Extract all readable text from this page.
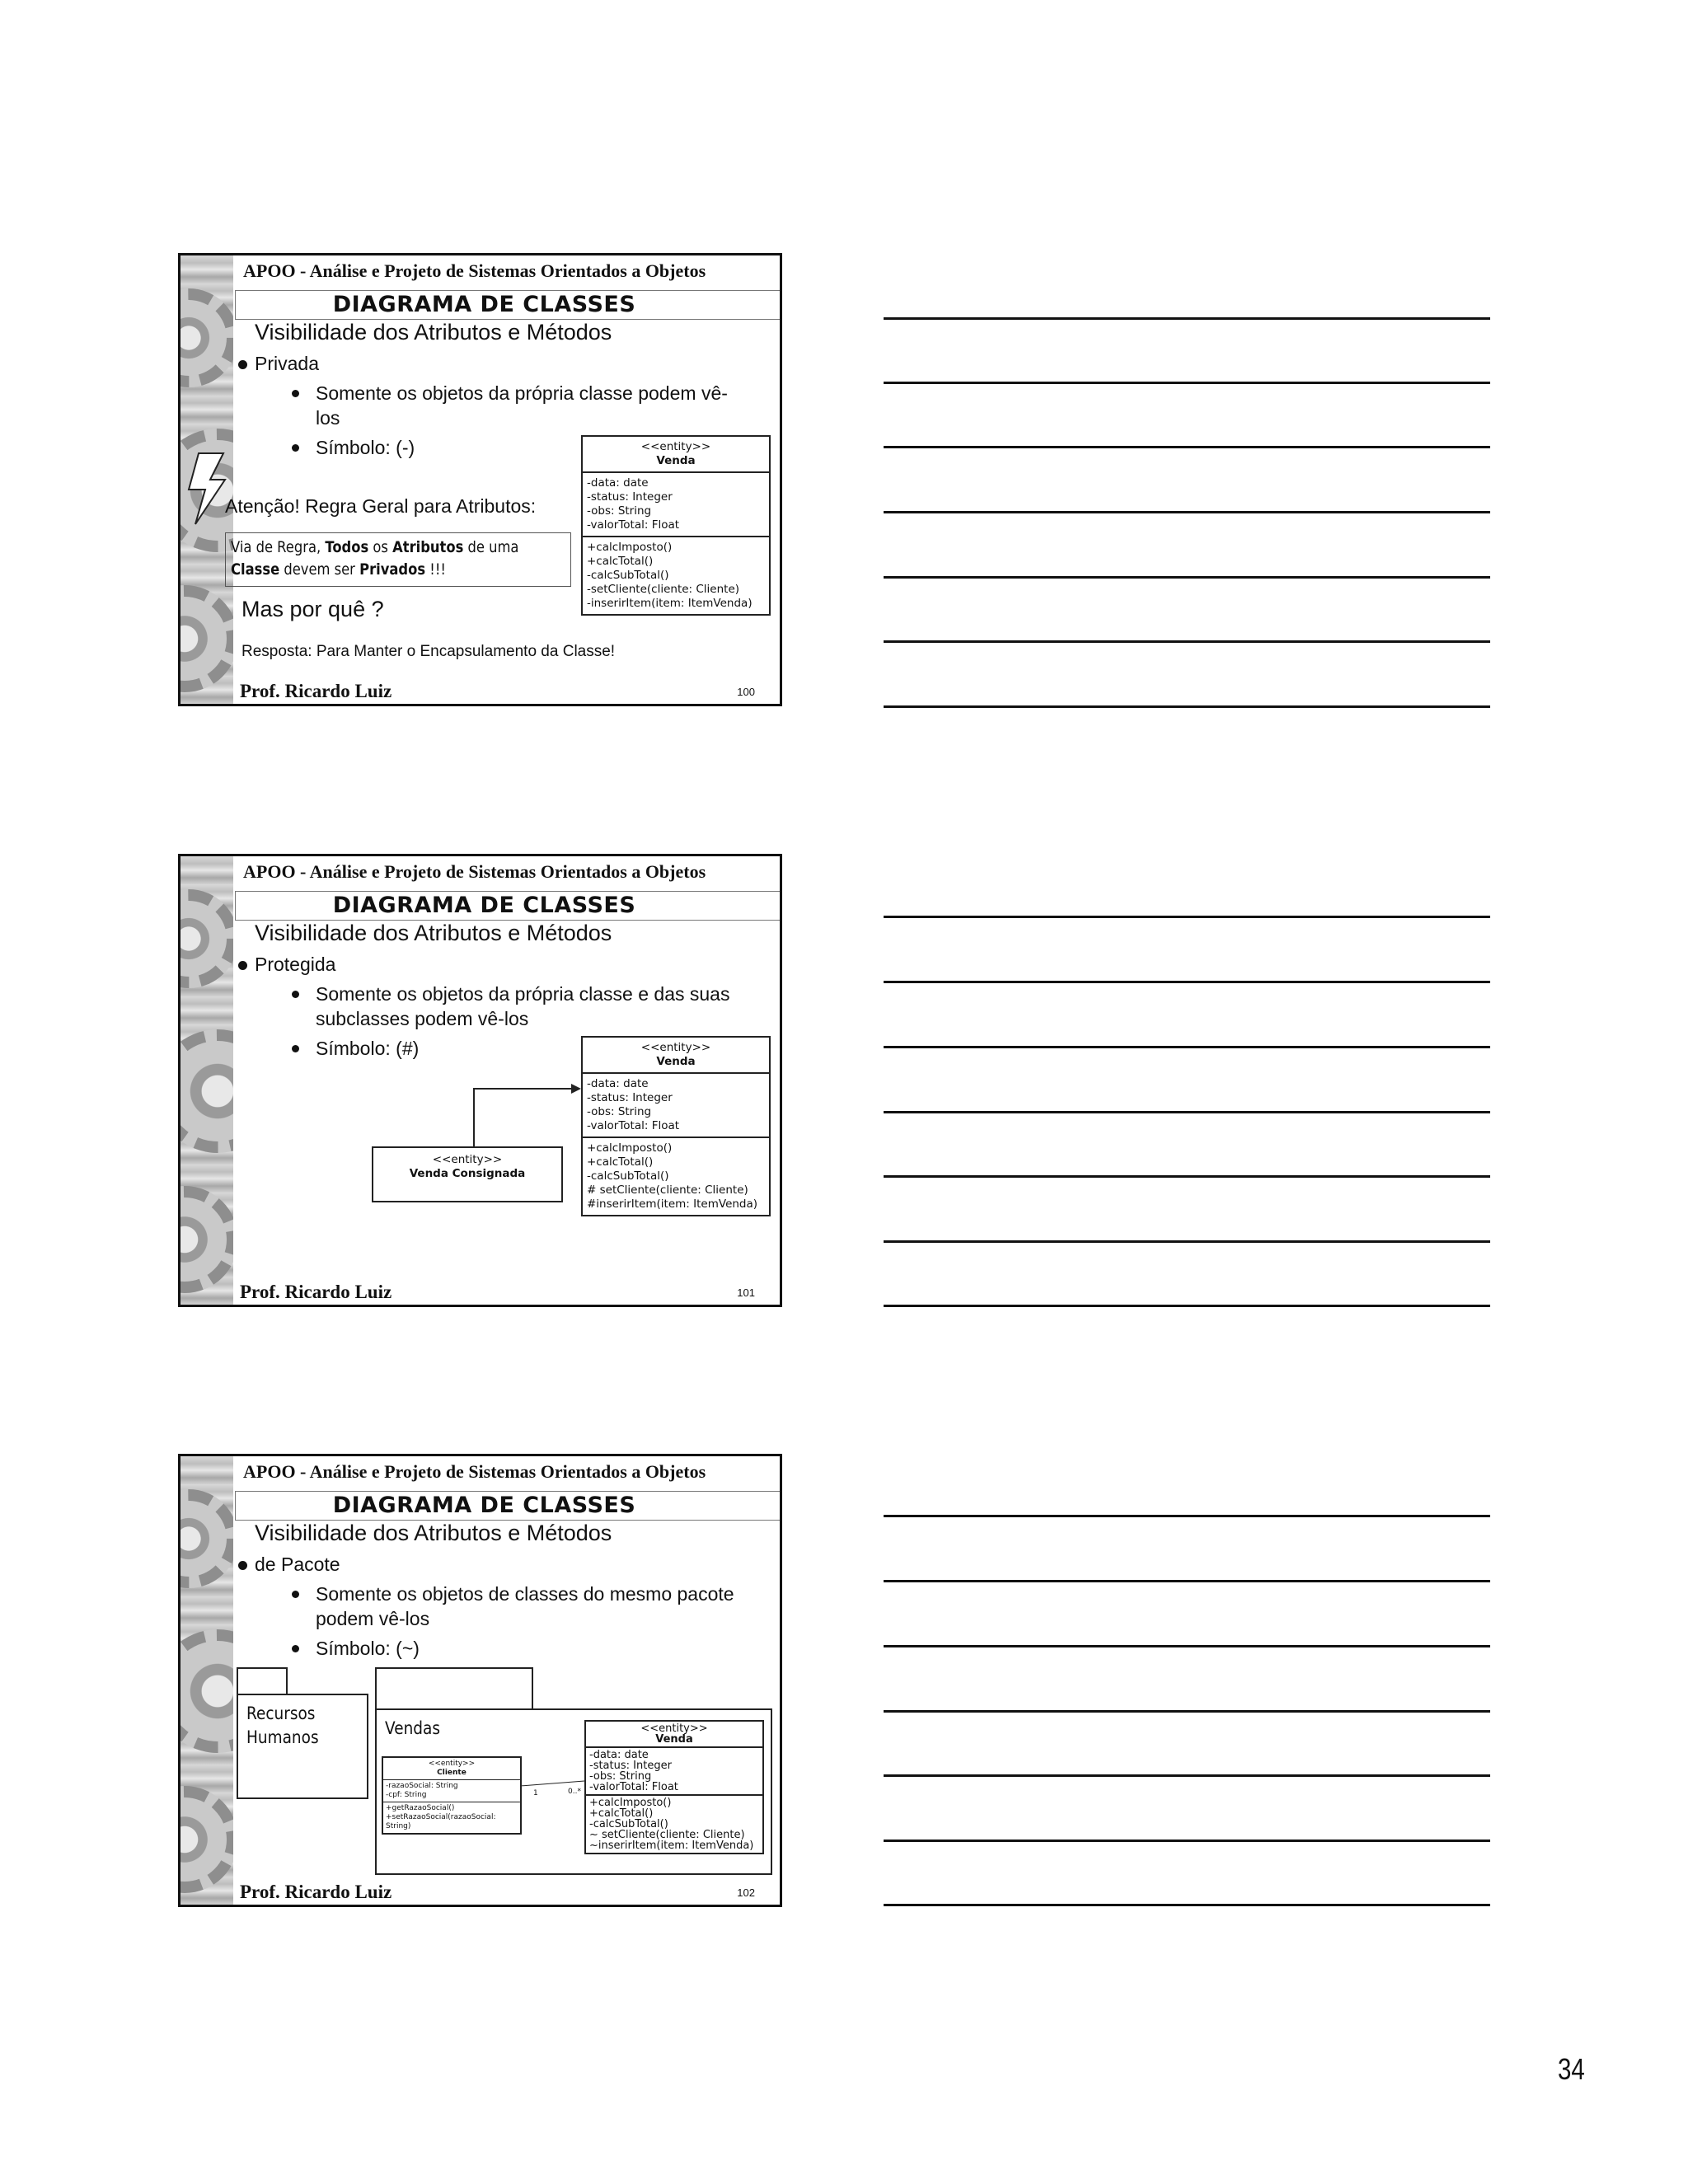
APOO - Análise e Projeto de Sistemas Orientados a Objetos
DIAGRAMA DE CLASSES
Visibilidade dos Atributos e Métodos
Privada
Somente os objetos da própria classe podem vê-los
Símbolo: (-)
Atenção! Regra Geral para Atributos:
Via de Regra, Todos os Atributos de uma
Classe devem ser Privados !!!
Mas por quê ?
Resposta: Para Manter o Encapsulamento da Classe!
<<entity>>
Venda
-data: date
-status: Integer
-obs: String
-valorTotal: Float
+calcImposto()
+calcTotal()
-calcSubTotal()
-setCliente(cliente: Cliente)
-inserirItem(item: ItemVenda)
Prof. Ricardo Luiz	100
APOO - Análise e Projeto de Sistemas Orientados a Objetos
DIAGRAMA DE CLASSES
Visibilidade dos Atributos e Métodos
Protegida
Somente os objetos da própria classe e das suas subclasses podem vê-los
Símbolo: (#)	<<entity>>
Venda
-data: date
-status: Integer
-obs: String
-valorTotal: Float
+calcImposto()
+calcTotal()
-calcSubTotal()
# setCliente(cliente: Cliente)
#inserirItem(item: ItemVenda)
<<entity>>
Venda Consignada
Prof. Ricardo Luiz	101
APOO - Análise e Projeto de Sistemas Orientados a Objetos
DIAGRAMA DE CLASSES
Visibilidade dos Atributos e Métodos
de Pacote
Somente os objetos de classes do mesmo pacote podem vê-los
Símbolo: (~)
Recursos
Humanos	Vendas
1	0..*
<<entity>>
Cliente
-razaoSocial: String
-cpf: String
+getRazaoSocial()
+setRazaoSocial(razaoSocial: String)
<<entity>>
Venda
-data: date
-status: Integer
-obs: String
-valorTotal: Float
+calcImposto()
+calcTotal()
-calcSubTotal()
~ setCliente(cliente: Cliente)
~inserirItem(item: ItemVenda)
Prof. Ricardo Luiz	102
34
